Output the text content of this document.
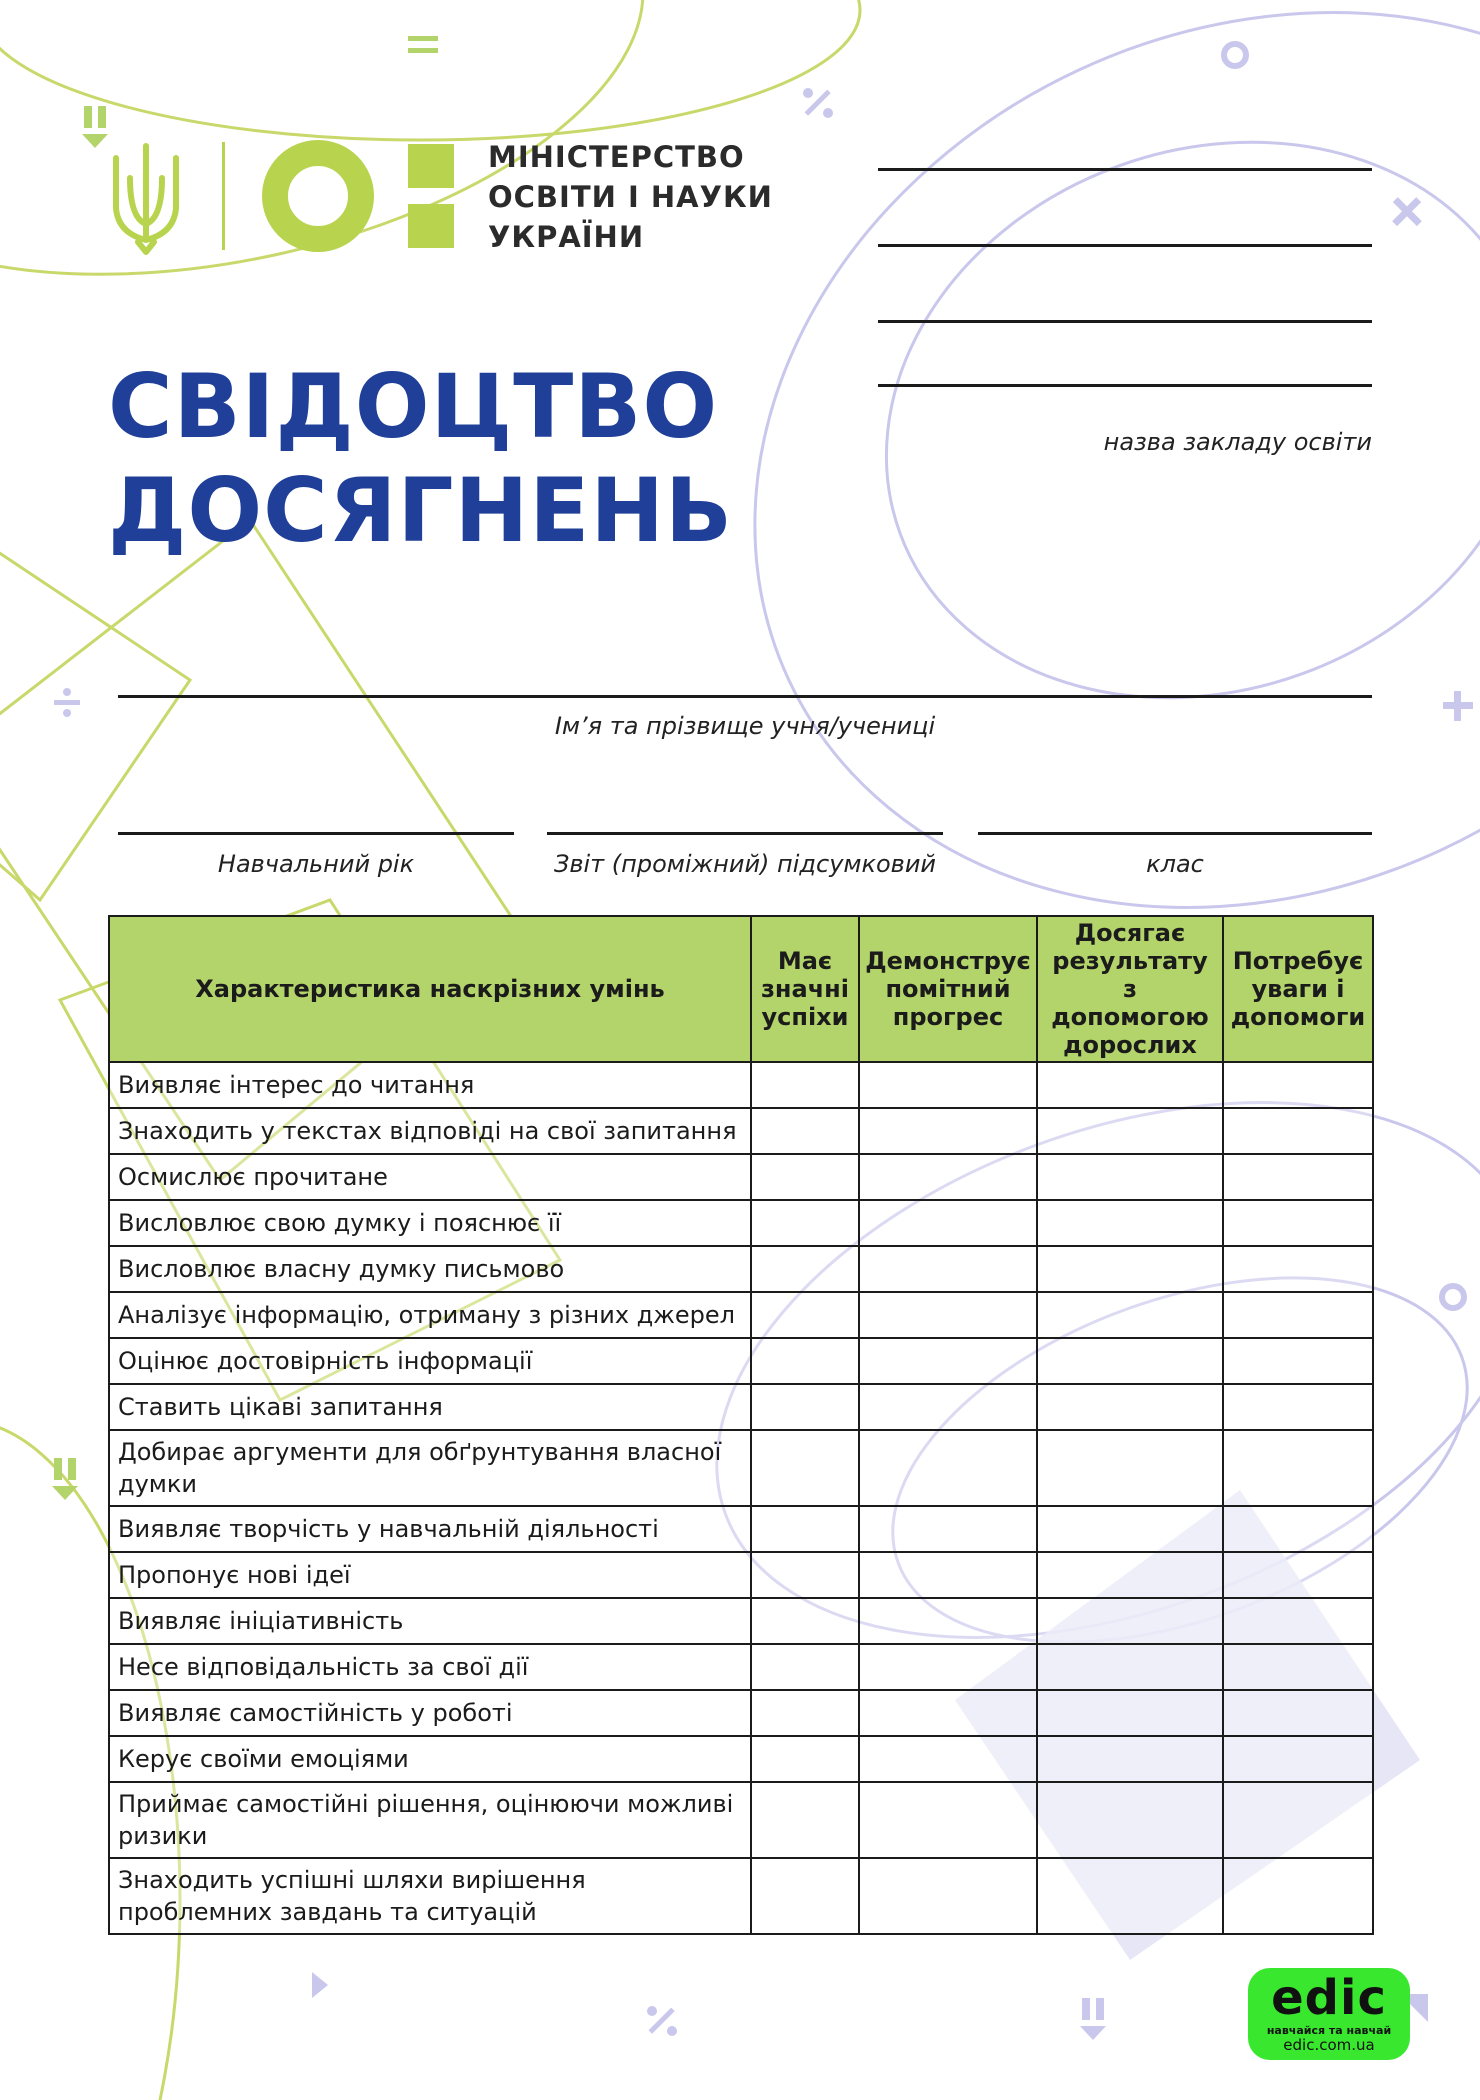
МІНІСТЕРСТВО
ОСВІТИ І НАУКИ
УКРАЇНИ
назва закладу освіти
СВІДОЦТВО
ДОСЯГНЕНЬ
Ім’я та прізвище учня/учениці
Навчальний рік	Звіт (проміжний) підсумковий	клас
Характеристика наскрізних умінь	Має значні успіхи	Демонструє помітний прогрес	Досягає результату з допомогою дорослих	Потребує уваги і допомоги
Виявляє інтерес до читання				
Знаходить у текстах відповіді на свої запитання				
Осмислює прочитане				
Висловлює свою думку і пояснює її				
Висловлює власну думку письмово				
Аналізує інформацію, отриману з різних джерел				
Оцінює достовірність інформації				
Ставить цікаві запитання				
Добирає аргументи для обґрунтування власної думки				
Виявляє творчість у навчальній діяльності				
Пропонує нові ідеї				
Виявляє ініціативність				
Несе відповідальність за свої дії				
Виявляє самостійність у роботі				
Керує своїми емоціями				
Приймає самостійні рішення, оцінюючи можливі ризики				
Знаходить успішні шляхи вирішення проблемних завдань та ситуацій				
edic
навчайся та навчай
edic.com.ua
